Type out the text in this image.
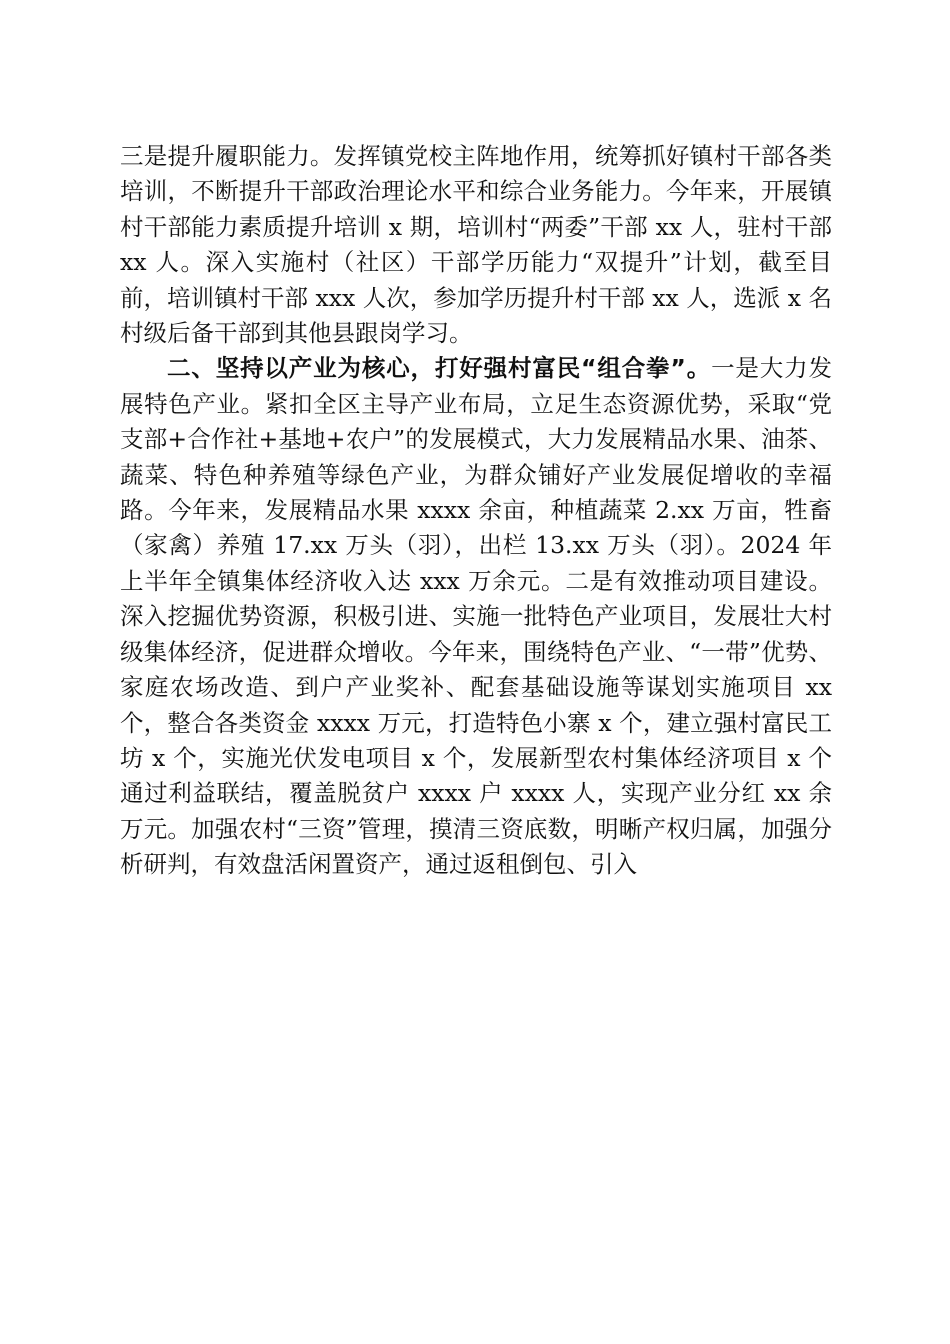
三是提升履职能力。发挥镇党校主阵地作用，统筹抓好镇村干部各类培训，不断提升干部政治理论水平和综合业务能力。今年来，开展镇村干部能力素质提升培训 x 期，培训村“两委”干部 xx 人，驻村干部 xx 人。深入实施村（社区）干部学历能力“双提升”计划，截至目前，培训镇村干部 xxx 人次，参加学历提升村干部 xx 人，选派 x 名村级后备干部到其他县跟岗学习。

二、坚持以产业为核心，打好强村富民“组合拳”。一是大力发展特色产业。紧扣全区主导产业布局，立足生态资源优势，采取“党支部+合作社+基地+农户”的发展模式，大力发展精品水果、油茶、蔬菜、特色种养殖等绿色产业，为群众铺好产业发展促增收的幸福路。今年来，发展精品水果 xxxx 余亩，种植蔬菜 2.xx 万亩，牲畜（家禽）养殖 17.xx 万头（羽），出栏 13.xx 万头（羽）。2024 年上半年全镇集体经济收入达 xxx 万余元。二是有效推动项目建设。深入挖掘优势资源，积极引进、实施一批特色产业项目，发展壮大村级集体经济，促进群众增收。今年来，围绕特色产业、“一带”优势、家庭农场改造、到户产业奖补、配套基础设施等谋划实施项目 xx 个，整合各类资金 xxxx 万元，打造特色小寨 x 个，建立强村富民工坊 x 个，实施光伏发电项目 x 个，发展新型农村集体经济项目 x 个通过利益联结，覆盖脱贫户 xxxx 户 xxxx 人，实现产业分红 xx 余万元。加强农村“三资”管理，摸清三资底数，明晰产权归属，加强分析研判，有效盘活闲置资产，通过返租倒包、引入
